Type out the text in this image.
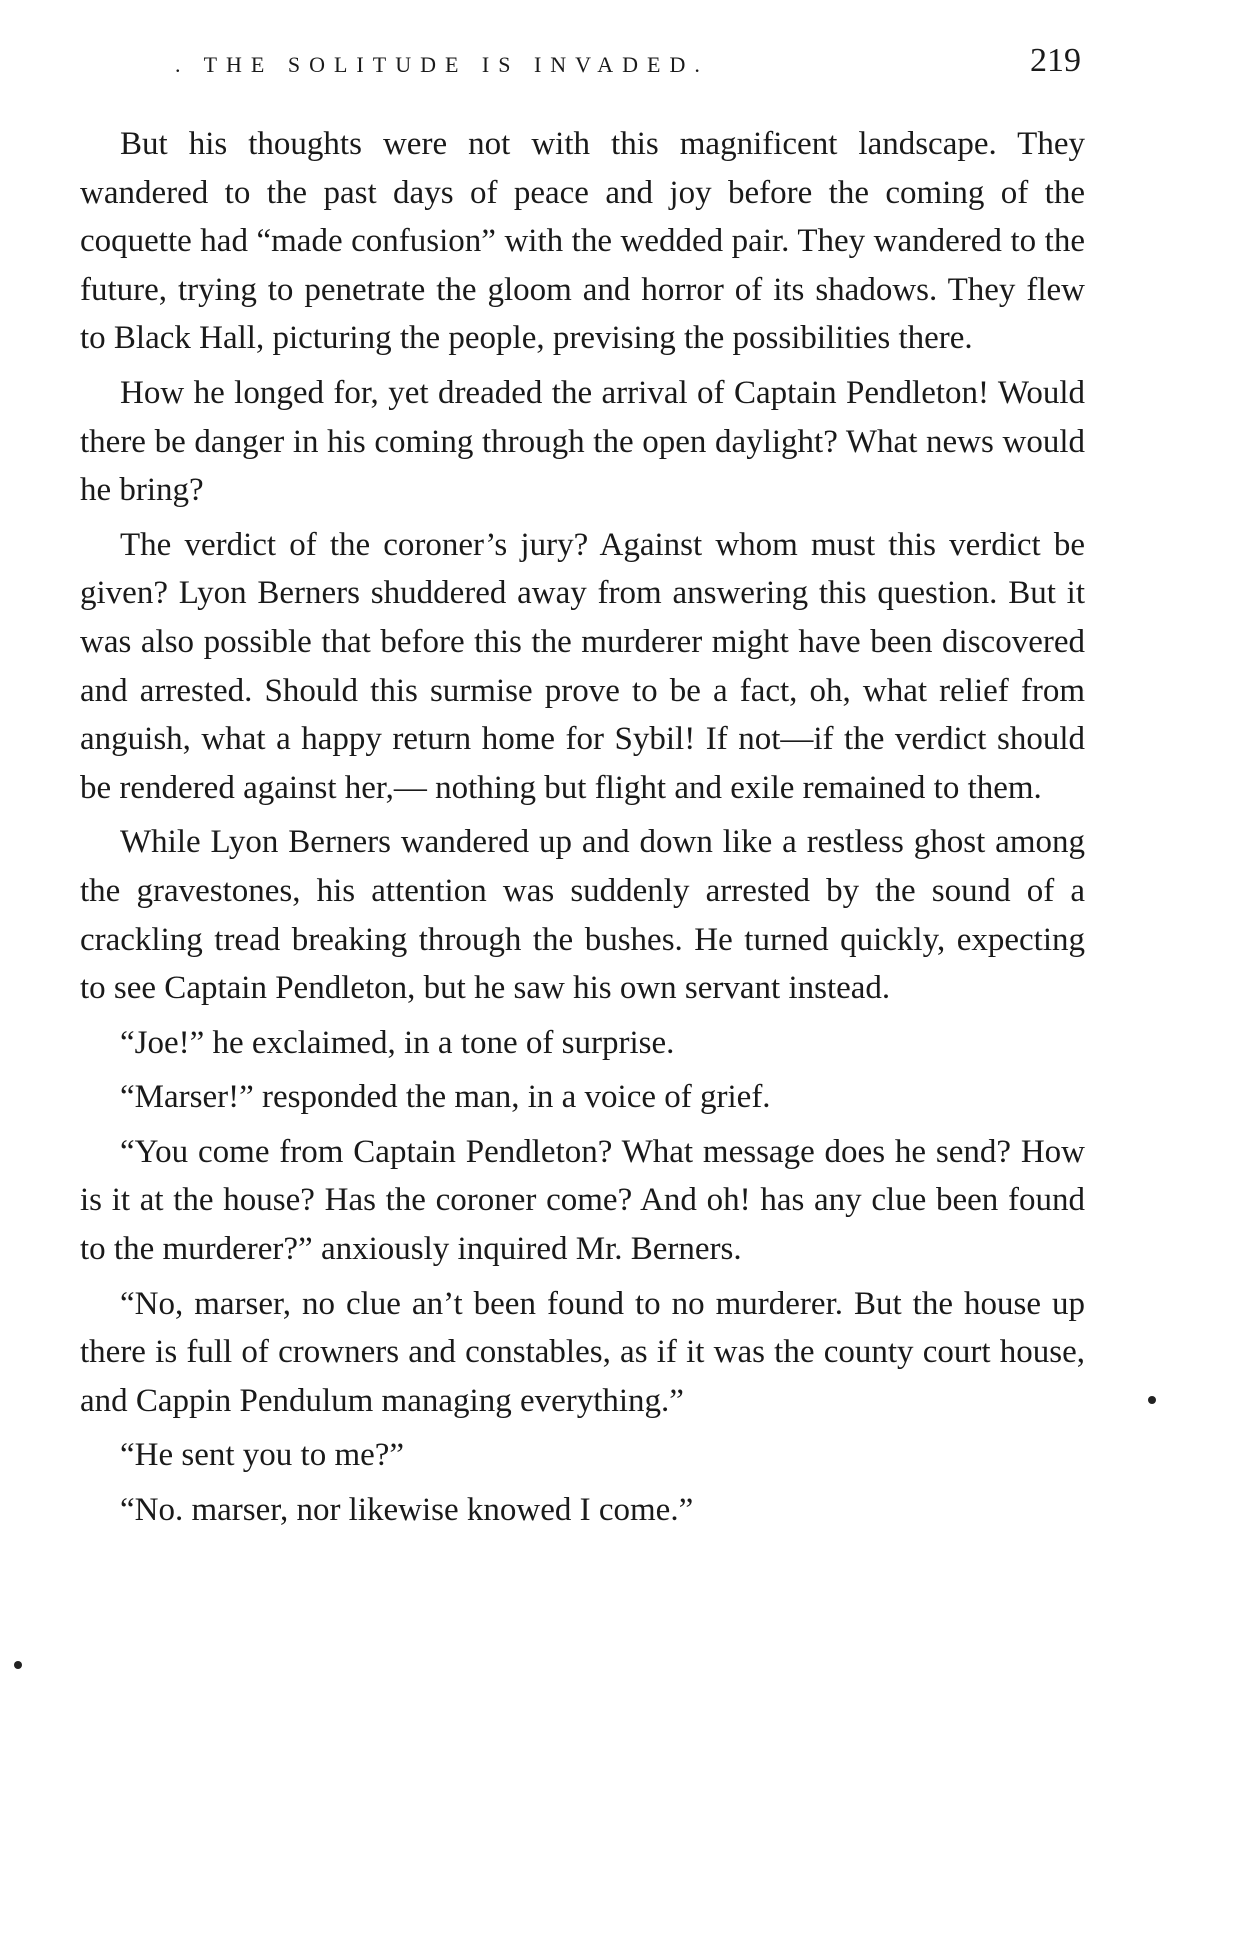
. THE SOLITUDE IS INVADED.	219

But his thoughts were not with this magnificent landscape. They wandered to the past days of peace and joy before the coming of the coquette had “made confusion” with the wedded pair. They wandered to the future, trying to penetrate the gloom and horror of its shadows. They flew to Black Hall, picturing the people, prevising the possibilities there.

How he longed for, yet dreaded the arrival of Captain Pendleton! Would there be danger in his coming through the open daylight? What news would he bring?

The verdict of the coroner’s jury? Against whom must this verdict be given? Lyon Berners shuddered away from answering this question. But it was also possible that before this the murderer might have been discovered and arrested. Should this surmise prove to be a fact, oh, what relief from anguish, what a happy return home for Sybil! If not—if the verdict should be rendered against her,— nothing but flight and exile remained to them.

While Lyon Berners wandered up and down like a restless ghost among the gravestones, his attention was suddenly arrested by the sound of a crackling tread breaking through the bushes. He turned quickly, expecting to see Captain Pendleton, but he saw his own servant instead.

“Joe!” he exclaimed, in a tone of surprise.

“Marser!” responded the man, in a voice of grief.

“You come from Captain Pendleton? What message does he send? How is it at the house? Has the coroner come? And oh! has any clue been found to the murderer?” anxiously inquired Mr. Berners.

“No, marser, no clue an’t been found to no murderer. But the house up there is full of crowners and constables, as if it was the county court house, and Cappin Pendulum managing everything.”

“He sent you to me?”

“No. marser, nor likewise knowed I come.”
